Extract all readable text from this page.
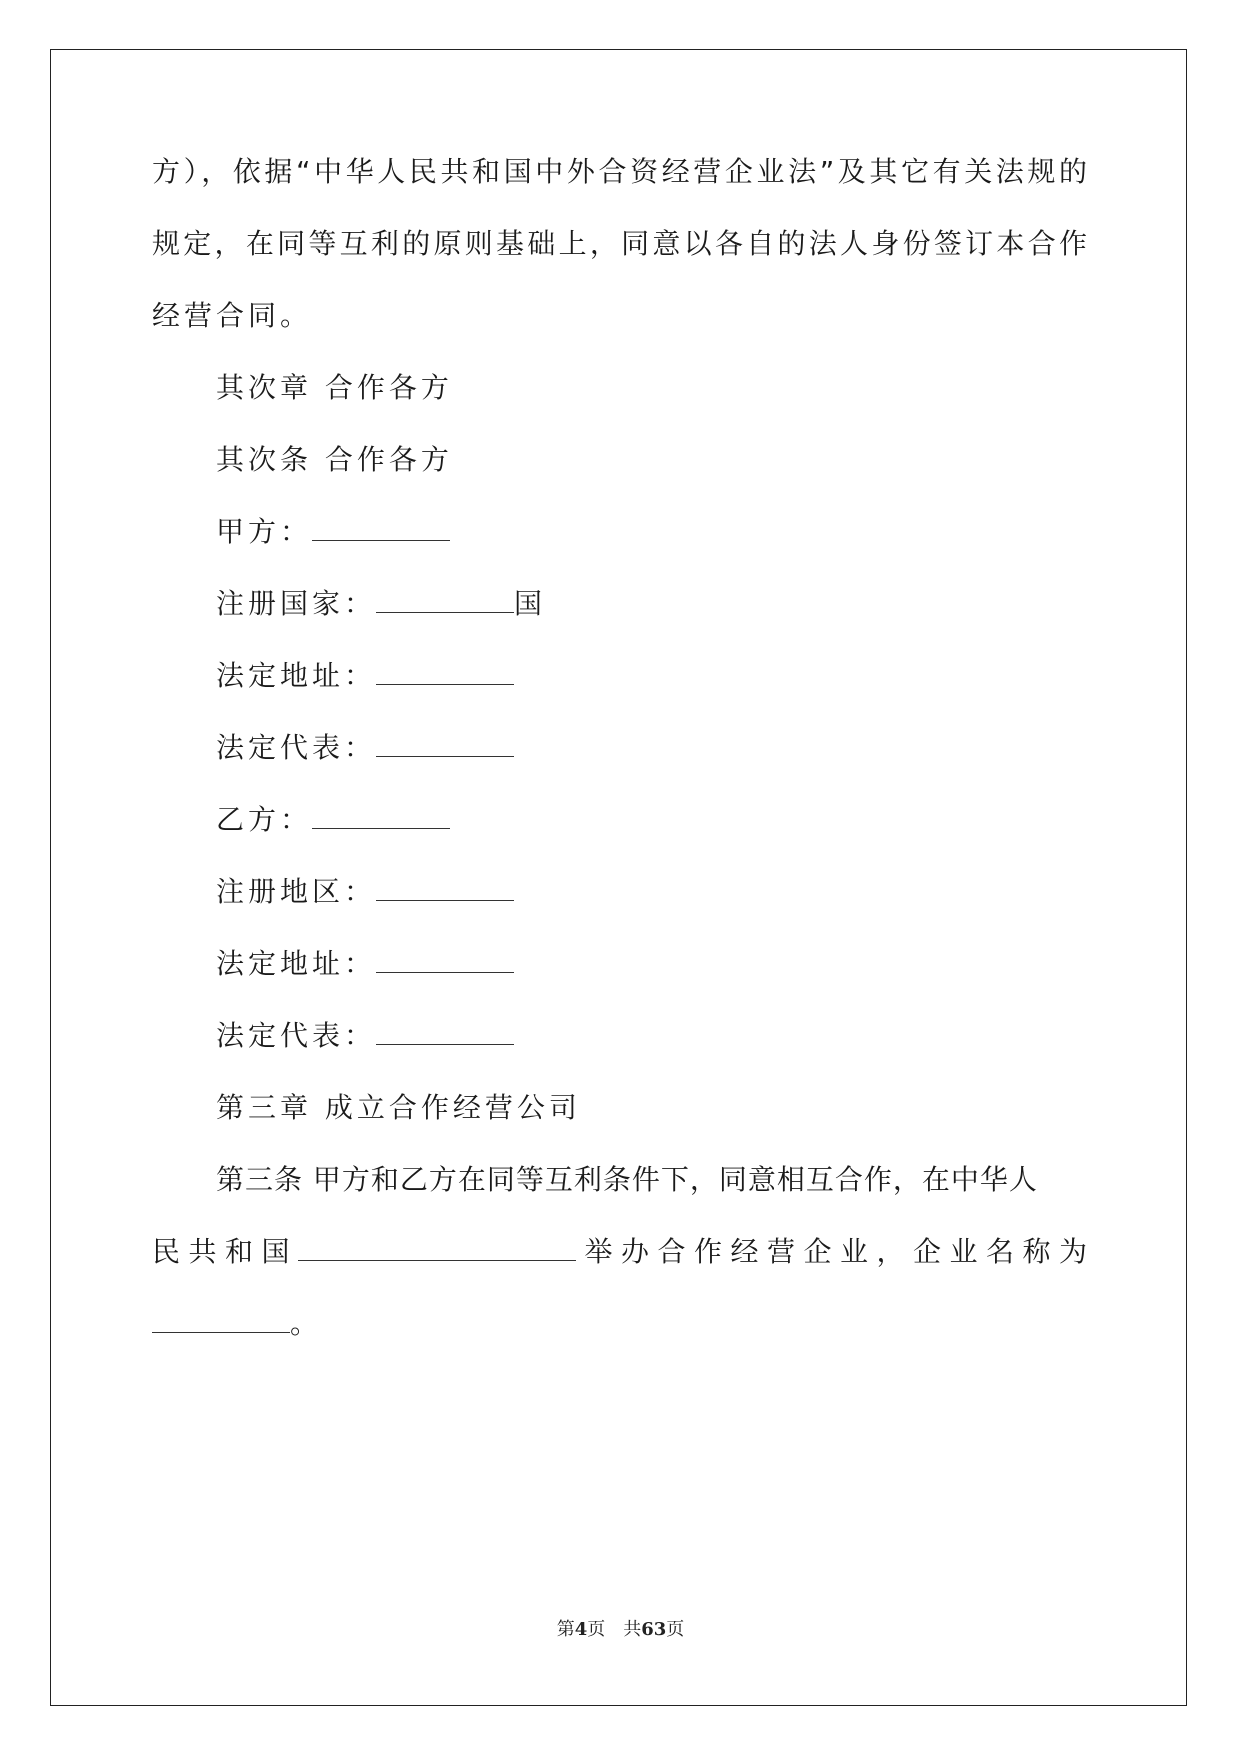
方），依据“中华人民共和国中外合资经营企业法”及其它有关法规的
规定，在同等互利的原则基础上，同意以各自的法人身份签订本合作
经营合同。
其次章 合作各方
其次条 合作各方
甲方：
注册国家：	国
法定地址：
法定代表：
乙方：
注册地区：
法定地址：
法定代表：
第三章 成立合作经营公司
第三条 甲方和乙方在同等互利条件下，同意相互合作，在中华人
民共和国	举办合作经营企业，企业名称为
。
第4页　共63页
